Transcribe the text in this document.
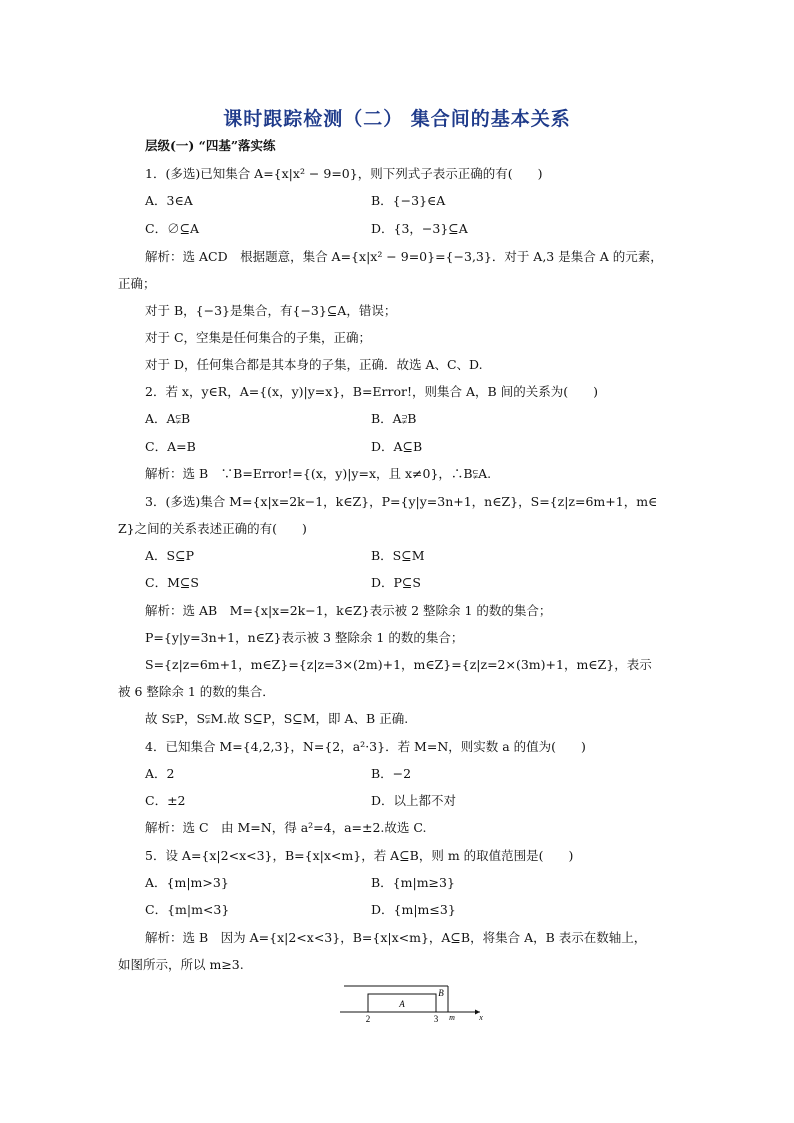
课时跟踪检测（二） 集合间的基本关系
层级(一) “四基”落实练
1．(多选)已知集合 A={x|x² − 9=0}，则下列式子表示正确的有(　　)
A．3∈A	B．{−3}∈A
C．∅⊆A	D．{3，−3}⊆A
解析：选 ACD　根据题意，集合 A={x|x² − 9=0}={−3,3}．对于 A,3 是集合 A 的元素，
正确；
对于 B，{−3}是集合，有{−3}⊆A，错误；
对于 C，空集是任何集合的子集，正确；
对于 D，任何集合都是其本身的子集，正确．故选 A、C、D.
2．若 x，y∈R，A={(x，y)|y=x}，B=Error!，则集合 A，B 间的关系为(　　)
A．A⫋B	B．A⫌B
C．A=B	D．A⊆B
解析：选 B　∵B=Error!={(x，y)|y=x，且 x≠0}，∴B⫋A.
3．(多选)集合 M={x|x=2k−1，k∈Z}，P={y|y=3n+1，n∈Z}，S={z|z=6m+1，m∈
Z}之间的关系表述正确的有(　　)
A．S⊆P	B．S⊆M
C．M⊆S	D．P⊆S
解析：选 AB　M={x|x=2k−1，k∈Z}表示被 2 整除余 1 的数的集合；
P={y|y=3n+1，n∈Z}表示被 3 整除余 1 的数的集合；
S={z|z=6m+1，m∈Z}={z|z=3×(2m)+1，m∈Z}={z|z=2×(3m)+1，m∈Z}，表示
被 6 整除余 1 的数的集合．
故 S⫋P，S⫋M.故 S⊆P，S⊆M，即 A、B 正确.
4．已知集合 M={4,2,3}，N={2，a²·3}．若 M=N，则实数 a 的值为(　　)
A．2	B．−2
C．±2	D．以上都不对
解析：选 C　由 M=N，得 a²=4，a=±2.故选 C.
5．设 A={x|2<x<3}，B={x|x<m}，若 A⊆B，则 m 的取值范围是(　　)
A．{m|m>3}	B．{m|m≥3}
C．{m|m<3}	D．{m|m≤3}
解析：选 B　因为 A={x|2<x<3}，B={x|x<m}，A⊆B，将集合 A，B 表示在数轴上，
如图所示，所以 m≥3.
A
B
2	3 m	x
